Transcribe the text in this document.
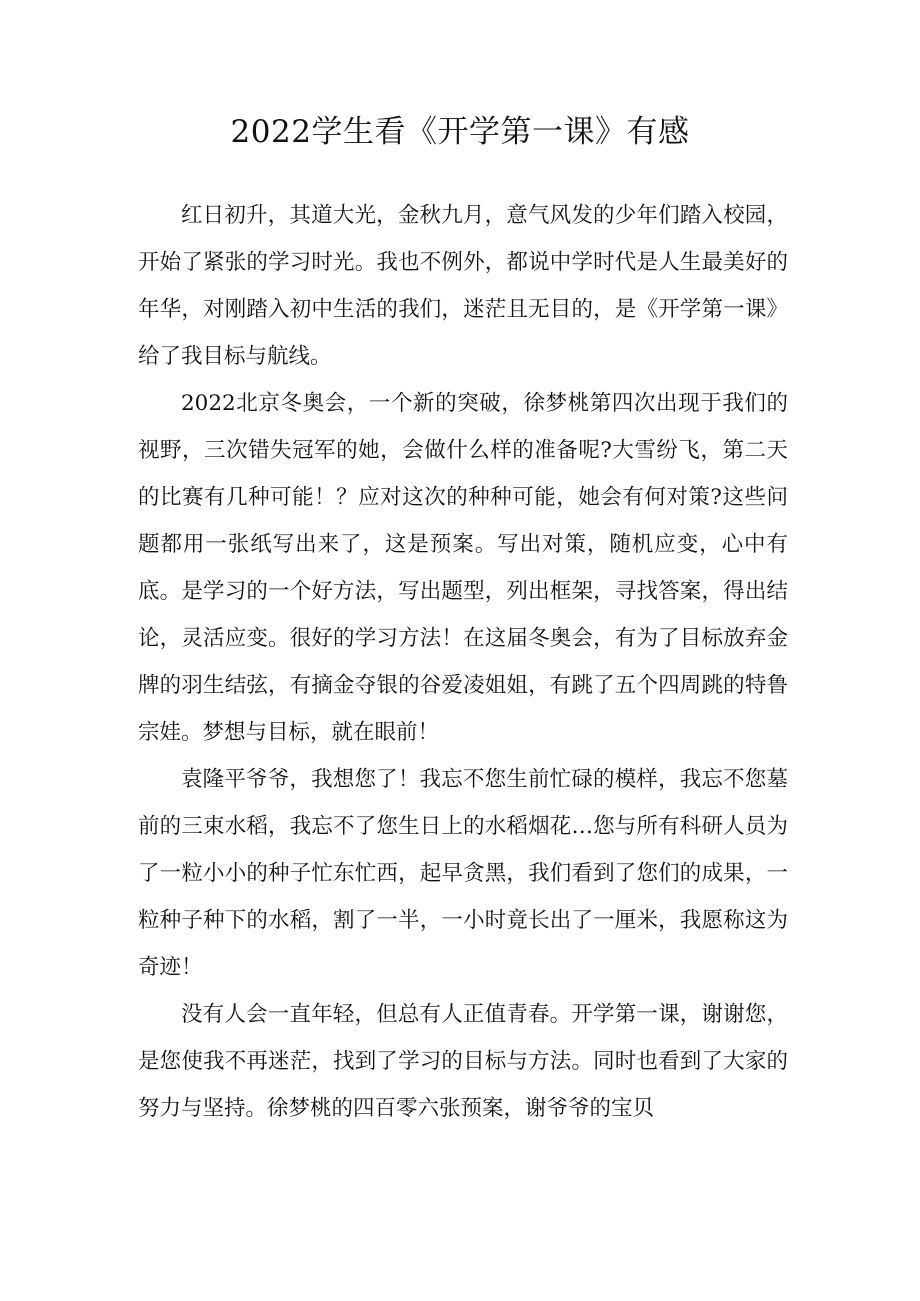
2022学生看《开学第一课》有感

红日初升，其道大光，金秋九月，意气风发的少年们踏入校园，开始了紧张的学习时光。我也不例外，都说中学时代是人生最美好的年华，对刚踏入初中生活的我们，迷茫且无目的，是《开学第一课》给了我目标与航线。

2022北京冬奥会，一个新的突破，徐梦桃第四次出现于我们的视野，三次错失冠军的她，会做什么样的准备呢?大雪纷飞，第二天的比赛有几种可能！？应对这次的种种可能，她会有何对策?这些问题都用一张纸写出来了，这是预案。写出对策，随机应变，心中有底。是学习的一个好方法，写出题型，列出框架，寻找答案，得出结论，灵活应变。很好的学习方法！在这届冬奥会，有为了目标放弃金牌的羽生结弦，有摘金夺银的谷爱凌姐姐，有跳了五个四周跳的特鲁宗娃。梦想与目标，就在眼前！

袁隆平爷爷，我想您了！我忘不您生前忙碌的模样，我忘不您墓前的三束水稻，我忘不了您生日上的水稻烟花…您与所有科研人员为了一粒小小的种子忙东忙西，起早贪黑，我们看到了您们的成果，一粒种子种下的水稻，割了一半，一小时竟长出了一厘米，我愿称这为奇迹！

没有人会一直年轻，但总有人正值青春。开学第一课，谢谢您，是您使我不再迷茫，找到了学习的目标与方法。同时也看到了大家的努力与坚持。徐梦桃的四百零六张预案，谢爷爷的宝贝
